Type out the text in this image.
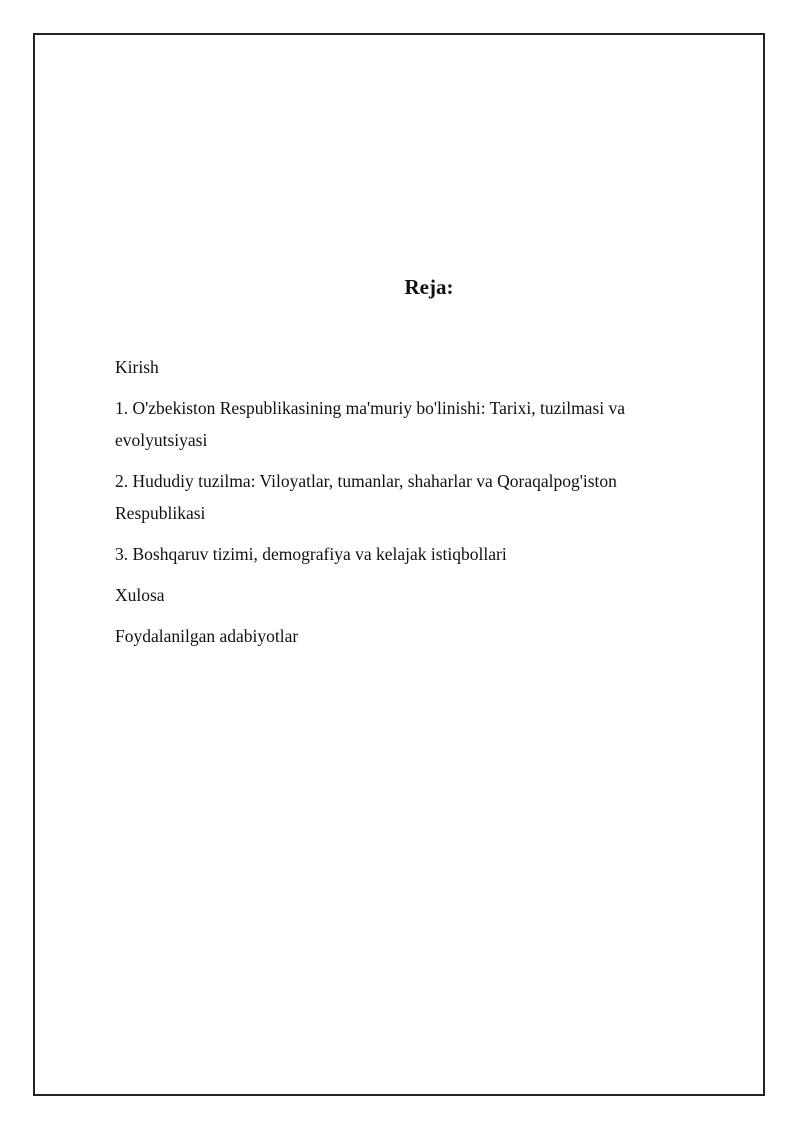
Reja:
Kirish
1. O'zbekiston Respublikasining ma'muriy bo'linishi: Tarixi, tuzilmasi va evolyutsiyasi
2. Hududiy tuzilma: Viloyatlar, tumanlar, shaharlar va Qoraqalpog'iston Respublikasi
3. Boshqaruv tizimi, demografiya va kelajak istiqbollari
Xulosa
Foydalanilgan adabiyotlar
